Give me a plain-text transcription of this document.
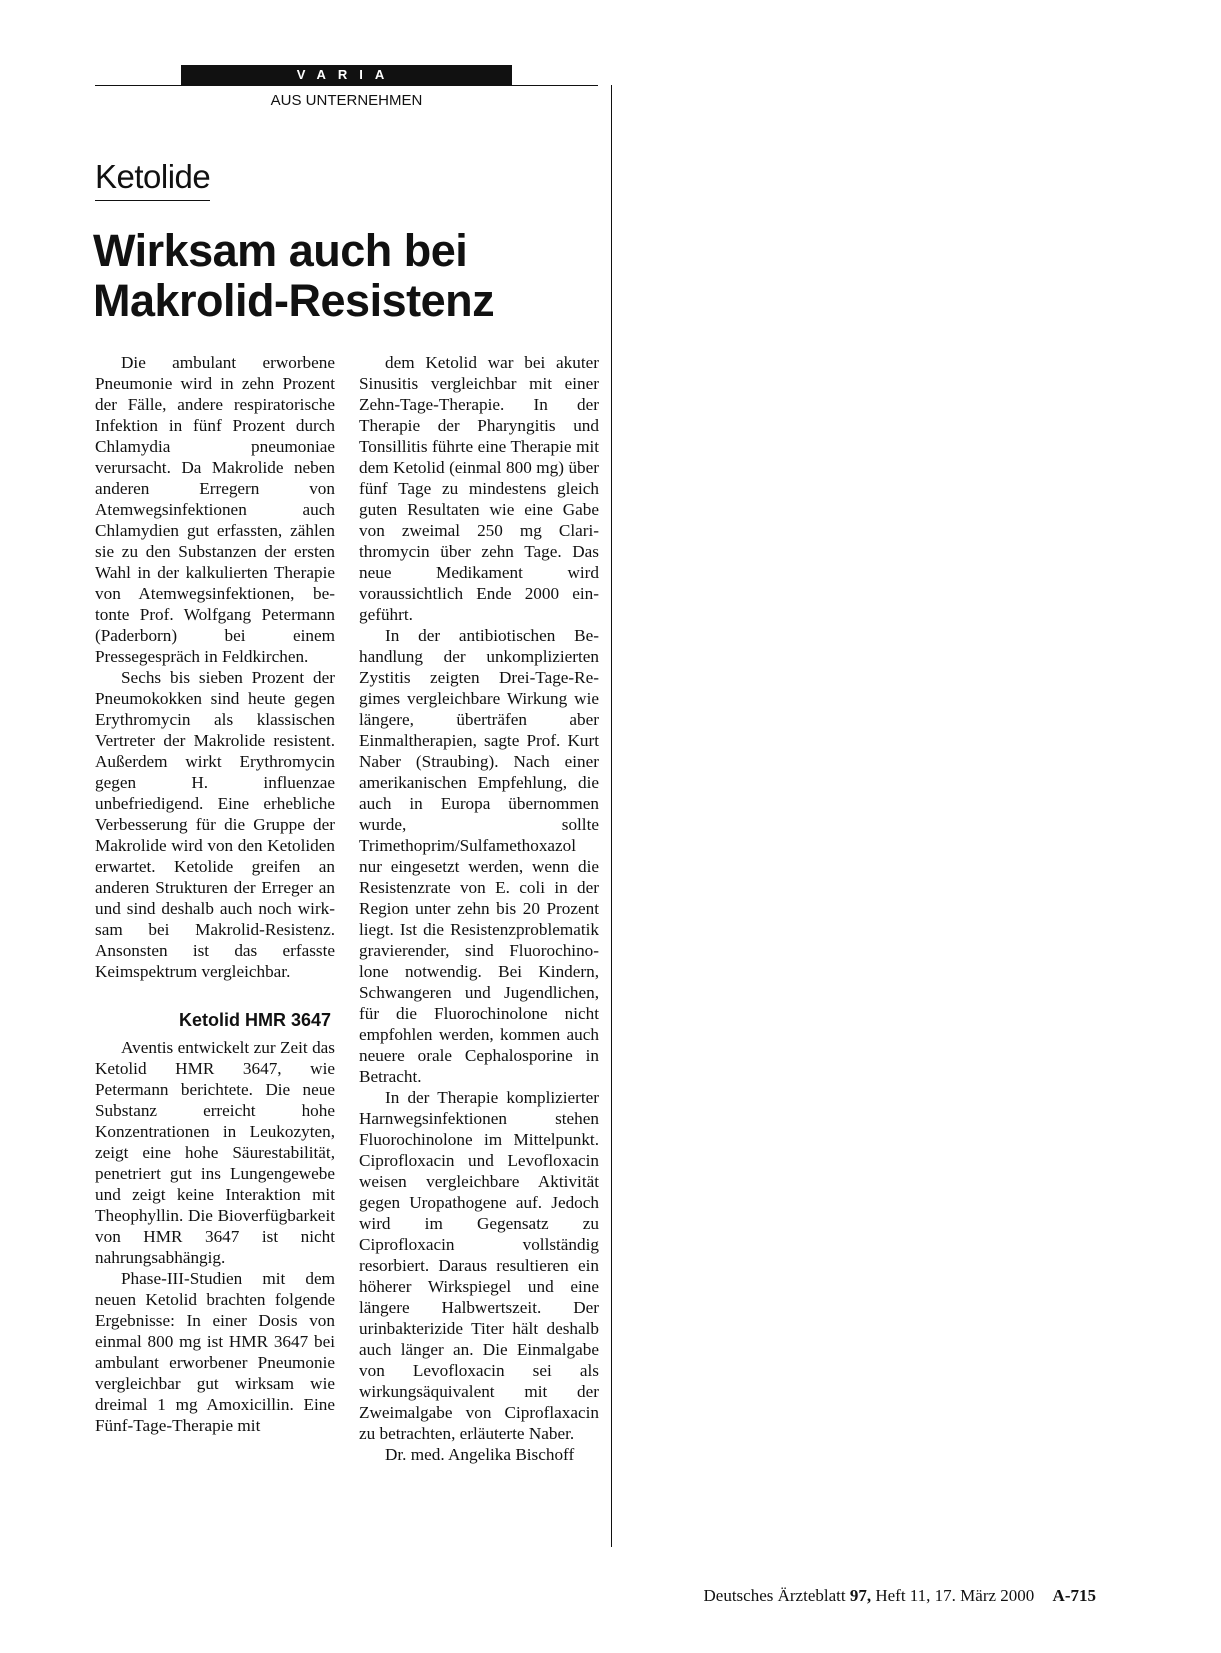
VARIA
AUS UNTERNEHMEN
Ketolide
Wirksam auch bei
Makrolid-Resistenz

Die ambulant erworbene Pneumonie wird in zehn Prozent der Fälle, andere respiratorische Infektion in fünf Prozent durch Chlamydia pneumoniae verursacht. Da Makrolide neben anderen Erregern von Atemwegsinfektionen auch Chlamydien gut erfassten, zählen sie zu den Substanzen der ersten Wahl in der kalkulierten Therapie von Atemwegsinfektionen, betonte Prof. Wolfgang Petermann (Paderborn) bei einem Pressegespräch in Feldkirchen.

Sechs bis sieben Prozent der Pneumokokken sind heute gegen Erythromycin als klassischen Vertreter der Makrolide resistent. Außerdem wirkt Erythromycin gegen H. influenzae unbefriedigend. Eine erhebliche Verbesserung für die Gruppe der Makrolide wird von den Ketoliden erwartet. Ketolide greifen an anderen Strukturen der Erreger an und sind deshalb auch noch wirksam bei Makrolid-Resistenz. Ansonsten ist das erfasste Keimspektrum vergleichbar.

Ketolid HMR 3647

Aventis entwickelt zur Zeit das Ketolid HMR 3647, wie Petermann berichtete. Die neue Substanz erreicht hohe Konzentrationen in Leukozyten, zeigt eine hohe Säurestabilität, penetriert gut ins Lungengewebe und zeigt keine Interaktion mit Theophyllin. Die Bioverfügbarkeit von HMR 3647 ist nicht nahrungsabhängig.

Phase-III-Studien mit dem neuen Ketolid brachten folgende Ergebnisse: In einer Dosis von einmal 800 mg ist HMR 3647 bei ambulant erworbener Pneumonie vergleichbar gut wirksam wie dreimal 1 mg Amoxicillin. Eine Fünf-Tage-Therapie mit

dem Ketolid war bei akuter Sinusitis vergleichbar mit einer Zehn-Tage-Therapie. In der Therapie der Pharyngitis und Tonsillitis führte eine Therapie mit dem Ketolid (einmal 800 mg) über fünf Tage zu mindestens gleich guten Resultaten wie eine Gabe von zweimal 250 mg Clarithromycin über zehn Tage. Das neue Medikament wird voraussichtlich Ende 2000 eingeführt.

In der antibiotischen Behandlung der unkomplizierten Zystitis zeigten Drei-Tage-Regimes vergleichbare Wirkung wie längere, überträfen aber Einmaltherapien, sagte Prof. Kurt Naber (Straubing). Nach einer amerikanischen Empfehlung, die auch in Europa übernommen wurde, sollte Trimethoprim/Sulfamethoxazol nur eingesetzt werden, wenn die Resistenzrate von E. coli in der Region unter zehn bis 20 Prozent liegt. Ist die Resistenzproblematik gravierender, sind Fluorochinolone notwendig. Bei Kindern, Schwangeren und Jugendlichen, für die Fluorochinolone nicht empfohlen werden, kommen auch neuere orale Cephalosporine in Betracht.

In der Therapie komplizierter Harnwegsinfektionen stehen Fluorochinolone im Mittelpunkt. Ciprofloxacin und Levofloxacin weisen vergleichbare Aktivität gegen Uropathogene auf. Jedoch wird im Gegensatz zu Ciprofloxacin vollständig resorbiert. Daraus resultieren ein höherer Wirkspiegel und eine längere Halbwertszeit. Der urinbakterizide Titer hält deshalb auch länger an. Die Einmalgabe von Levofloxacin sei als wirkungsäquivalent mit der Zweimalgabe von Ciproflaxacin zu betrachten, erläuterte Naber.

Dr. med. Angelika Bischoff

Deutsches Ärzteblatt 97, Heft 11, 17. März 2000 A-715
